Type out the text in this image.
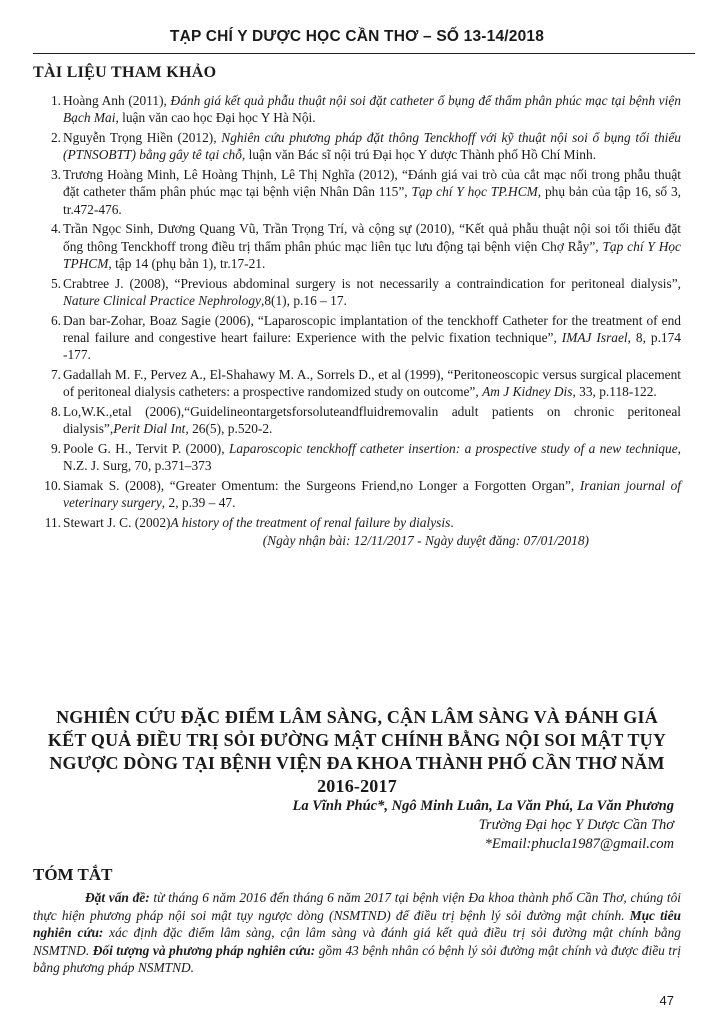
TẠP CHÍ Y DƯỢC HỌC CẦN THƠ – SỐ 13-14/2018
TÀI LIỆU THAM KHẢO
1. Hoàng Anh (2011), Đánh giá kết quả phẫu thuật nội soi đặt catheter ổ bụng để thẩm phân phúc mạc tại bệnh viện Bạch Mai, luận văn cao học Đại học Y Hà Nội.
2. Nguyễn Trọng Hiền (2012), Nghiên cứu phương pháp đặt thông Tenckhoff với kỹ thuật nội soi ổ bụng tối thiểu (PTNSOBTT) bằng gây tê tại chỗ, luận văn Bác sĩ nội trú Đại học Y dược Thành phố Hồ Chí Minh.
3. Trương Hoàng Minh, Lê Hoàng Thịnh, Lê Thị Nghĩa (2012), “Đánh giá vai trò của cắt mạc nối trong phẫu thuật đặt catheter thẩm phân phúc mạc tại bệnh viện Nhân Dân 115”, Tạp chí Y học TP.HCM, phụ bản của tập 16, số 3, tr.472-476.
4. Trần Ngọc Sinh, Dương Quang Vũ, Trần Trọng Trí, và cộng sự (2010), “Kết quả phẫu thuật nội soi tối thiểu đặt ống thông Tenckhoff trong điều trị thẩm phân phúc mạc liên tục lưu động tại bệnh viện Chợ Rẫy”, Tạp chí Y Học TPHCM, tập 14 (phụ bản 1), tr.17-21.
5. Crabtree J. (2008), “Previous abdominal surgery is not necessarily a contraindication for peritoneal dialysis”, Nature Clinical Practice Nephrology,8(1), p.16 – 17.
6. Dan bar-Zohar, Boaz Sagie (2006), “Laparoscopic implantation of the tenckhoff Catheter for the treatment of end renal failure and congestive heart failure: Experience with the pelvic fixation technique”, IMAJ Israel, 8, p.174 -177.
7. Gadallah M. F., Pervez A., El-Shahawy M. A., Sorrels D., et al (1999), “Peritoneoscopic versus surgical placement of peritoneal dialysis catheters: a prospective randomized study on outcome”, Am J Kidney Dis, 33, p.118-122.
8. Lo,W.K.,etal (2006),“Guidelineontargetsforsoluteandfluidremovalin adult patients on chronic peritoneal dialysis”,Perit Dial Int, 26(5), p.520-2.
9. Poole G. H., Tervit P. (2000), Laparoscopic tenckhoff catheter insertion: a prospective study of a new technique, N.Z. J. Surg, 70, p.371–373
10. Siamak S. (2008), “Greater Omentum: the Surgeons Friend,no Longer a Forgotten Organ”, Iranian journal of veterinary surgery, 2, p.39 – 47.
11. Stewart J. C. (2002)A history of the treatment of renal failure by dialysis.
(Ngày nhận bài: 12/11/2017 - Ngày duyệt đăng: 07/01/2018)
NGHIÊN CỨU ĐẶC ĐIỂM LÂM SÀNG, CẬN LÂM SÀNG VÀ ĐÁNH GIÁ KẾT QUẢ ĐIỀU TRỊ SỎI ĐƯỜNG MẬT CHÍNH BẰNG NỘI SOI MẬT TỤY NGƯỢC DÒNG TẠI BỆNH VIỆN ĐA KHOA THÀNH PHỐ CẦN THƠ NĂM 2016-2017
La Vĩnh Phúc*, Ngô Minh Luân, La Văn Phú, La Văn Phương
Trường Đại học Y Dược Cần Thơ
*Email:phucla1987@gmail.com
TÓM TẮT

Đặt vấn đề: từ tháng 6 năm 2016 đến tháng 6 năm 2017 tại bệnh viện Đa khoa thành phố Cần Thơ, chúng tôi thực hiện phương pháp nội soi mật tụy ngược dòng (NSMTND) để điều trị bệnh lý sỏi đường mật chính. Mục tiêu nghiên cứu: xác định đặc điểm lâm sàng, cận lâm sàng và đánh giá kết quả điều trị sỏi đường mật chính bằng NSMTND. Đối tượng và phương pháp nghiên cứu: gồm 43 bệnh nhân có bệnh lý sỏi đường mật chính và được điều trị bằng phương pháp NSMTND.

47
